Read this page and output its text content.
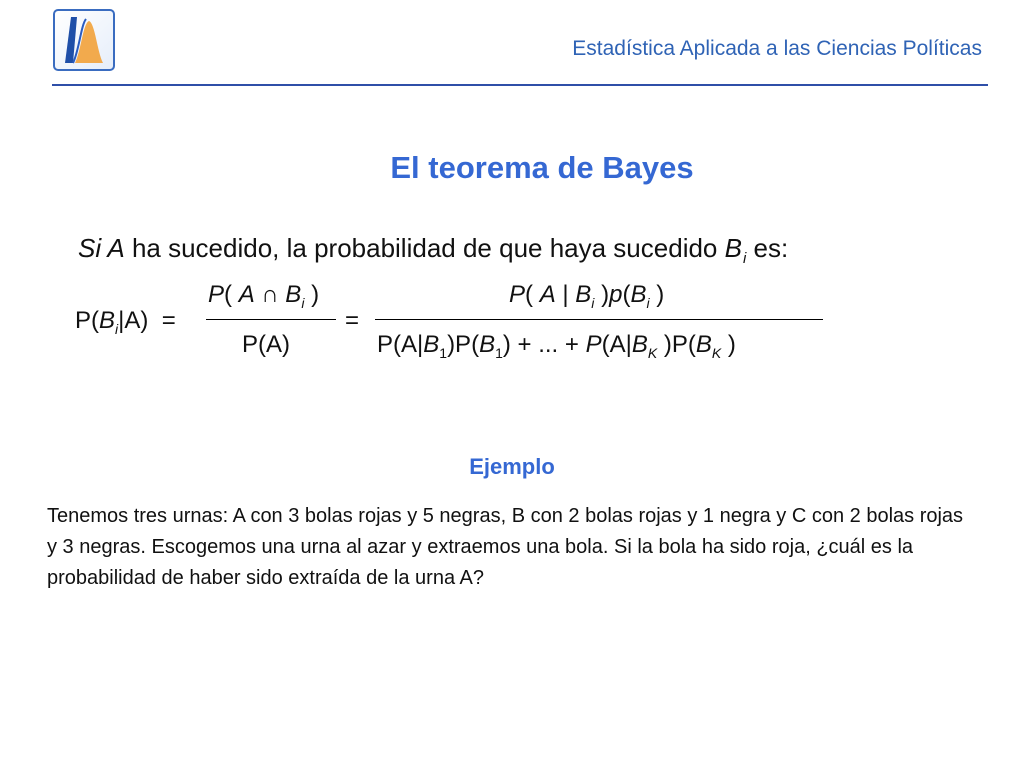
Estadística Aplicada a las Ciencias Políticas
El teorema de Bayes
Si A ha sucedido, la probabilidad de que haya sucedido $B_i$ es:
$P(B_i|A)$  =
P( A ∩ $B_i$ )
P(A)
=
P( A | $B_i$ )$p(B_i$ )
$P(A|B_1)P(B_1)$ + ... + $P(A|B_K$ )$P(B_K$ )
Ejemplo
Tenemos tres urnas: A con 3 bolas rojas y 5 negras, B con 2 bolas rojas y 1 negra y C con 2 bolas rojas y 3 negras. Escogemos una urna al azar y extraemos una bola. Si la bola ha sido roja, ¿cuál es la probabilidad de haber sido extraída de la urna A?
